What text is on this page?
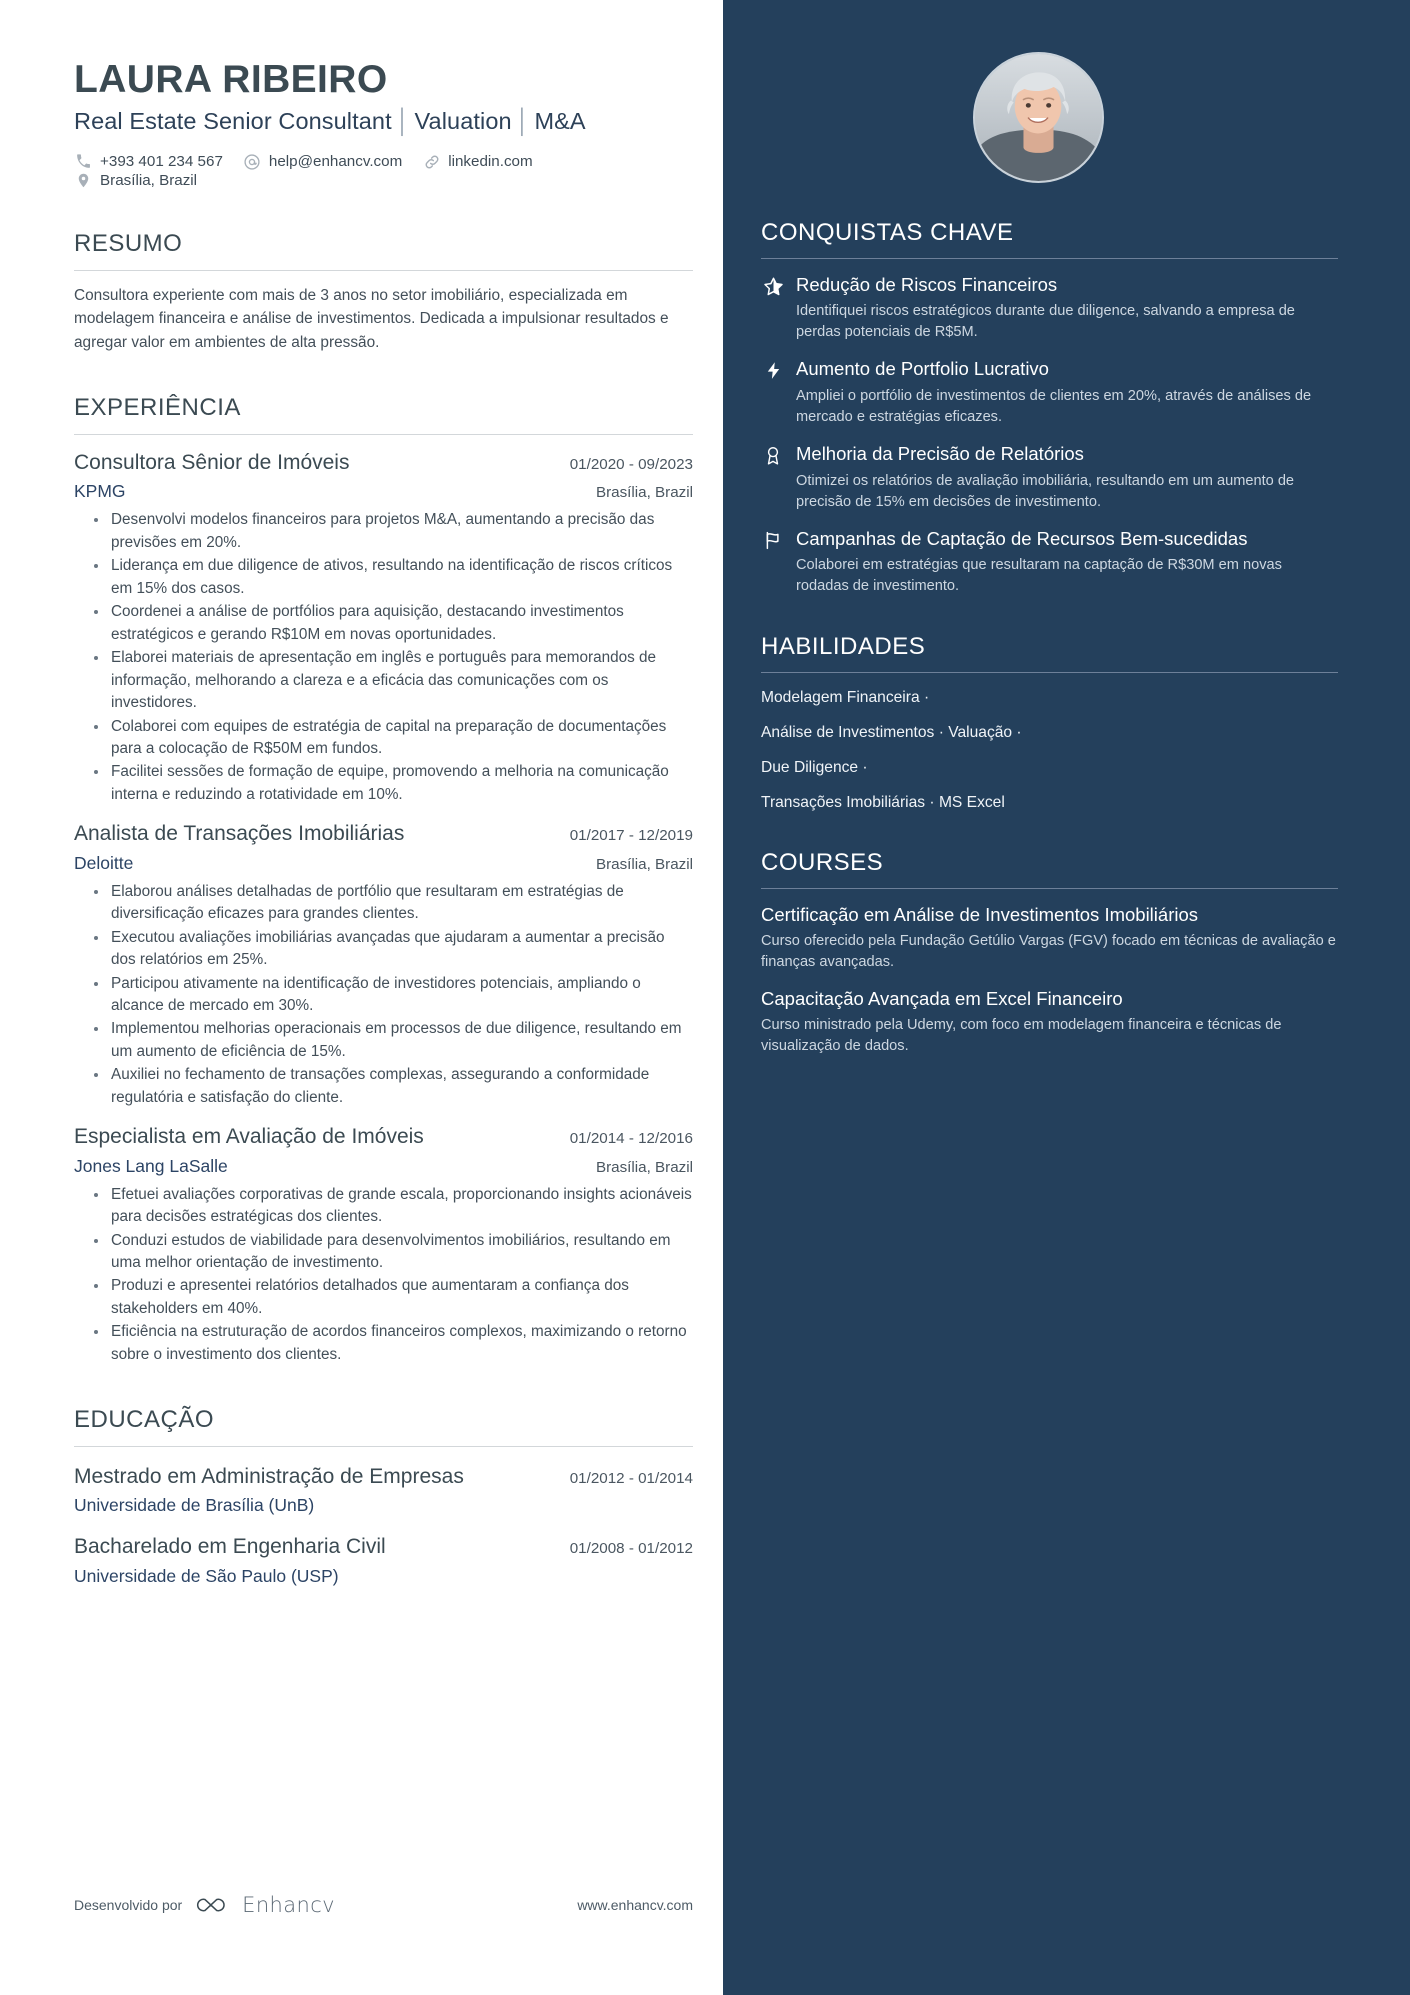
LAURA RIBEIRO
Real Estate Senior Consultant │ Valuation │ M&A
+393 401 234 567	help@enhancv.com	linkedin.com
Brasília, Brazil
RESUMO
Consultora experiente com mais de 3 anos no setor imobiliário, especializada em modelagem financeira e análise de investimentos. Dedicada a impulsionar resultados e agregar valor em ambientes de alta pressão.
EXPERIÊNCIA
Consultora Sênior de Imóveis	01/2020 - 09/2023
KPMG	Brasília, Brazil
Desenvolvi modelos financeiros para projetos M&A, aumentando a precisão das previsões em 20%.
Liderança em due diligence de ativos, resultando na identificação de riscos críticos em 15% dos casos.
Coordenei a análise de portfólios para aquisição, destacando investimentos estratégicos e gerando R$10M em novas oportunidades.
Elaborei materiais de apresentação em inglês e português para memorandos de informação, melhorando a clareza e a eficácia das comunicações com os investidores.
Colaborei com equipes de estratégia de capital na preparação de documentações para a colocação de R$50M em fundos.
Facilitei sessões de formação de equipe, promovendo a melhoria na comunicação interna e reduzindo a rotatividade em 10%.
Analista de Transações Imobiliárias	01/2017 - 12/2019
Deloitte	Brasília, Brazil
Elaborou análises detalhadas de portfólio que resultaram em estratégias de diversificação eficazes para grandes clientes.
Executou avaliações imobiliárias avançadas que ajudaram a aumentar a precisão dos relatórios em 25%.
Participou ativamente na identificação de investidores potenciais, ampliando o alcance de mercado em 30%.
Implementou melhorias operacionais em processos de due diligence, resultando em um aumento de eficiência de 15%.
Auxiliei no fechamento de transações complexas, assegurando a conformidade regulatória e satisfação do cliente.
Especialista em Avaliação de Imóveis	01/2014 - 12/2016
Jones Lang LaSalle	Brasília, Brazil
Efetuei avaliações corporativas de grande escala, proporcionando insights acionáveis para decisões estratégicas dos clientes.
Conduzi estudos de viabilidade para desenvolvimentos imobiliários, resultando em uma melhor orientação de investimento.
Produzi e apresentei relatórios detalhados que aumentaram a confiança dos stakeholders em 40%.
Eficiência na estruturação de acordos financeiros complexos, maximizando o retorno sobre o investimento dos clientes.
EDUCAÇÃO
Mestrado em Administração de Empresas	01/2012 - 01/2014
Universidade de Brasília (UnB)
Bacharelado em Engenharia Civil	01/2008 - 01/2012
Universidade de São Paulo (USP)
Desenvolvido por	Enhancv	www.enhancv.com
CONQUISTAS CHAVE
Redução de Riscos Financeiros
Identifiquei riscos estratégicos durante due diligence, salvando a empresa de perdas potenciais de R$5M.
Aumento de Portfolio Lucrativo
Ampliei o portfólio de investimentos de clientes em 20%, através de análises de mercado e estratégias eficazes.
Melhoria da Precisão de Relatórios
Otimizei os relatórios de avaliação imobiliária, resultando em um aumento de precisão de 15% em decisões de investimento.
Campanhas de Captação de Recursos Bem-sucedidas
Colaborei em estratégias que resultaram na captação de R$30M em novas rodadas de investimento.
HABILIDADES
Modelagem Financeira ·
Análise de Investimentos · Valuação ·
Due Diligence ·
Transações Imobiliárias · MS Excel
COURSES
Certificação em Análise de Investimentos Imobiliários
Curso oferecido pela Fundação Getúlio Vargas (FGV) focado em técnicas de avaliação e finanças avançadas.
Capacitação Avançada em Excel Financeiro
Curso ministrado pela Udemy, com foco em modelagem financeira e técnicas de visualização de dados.
